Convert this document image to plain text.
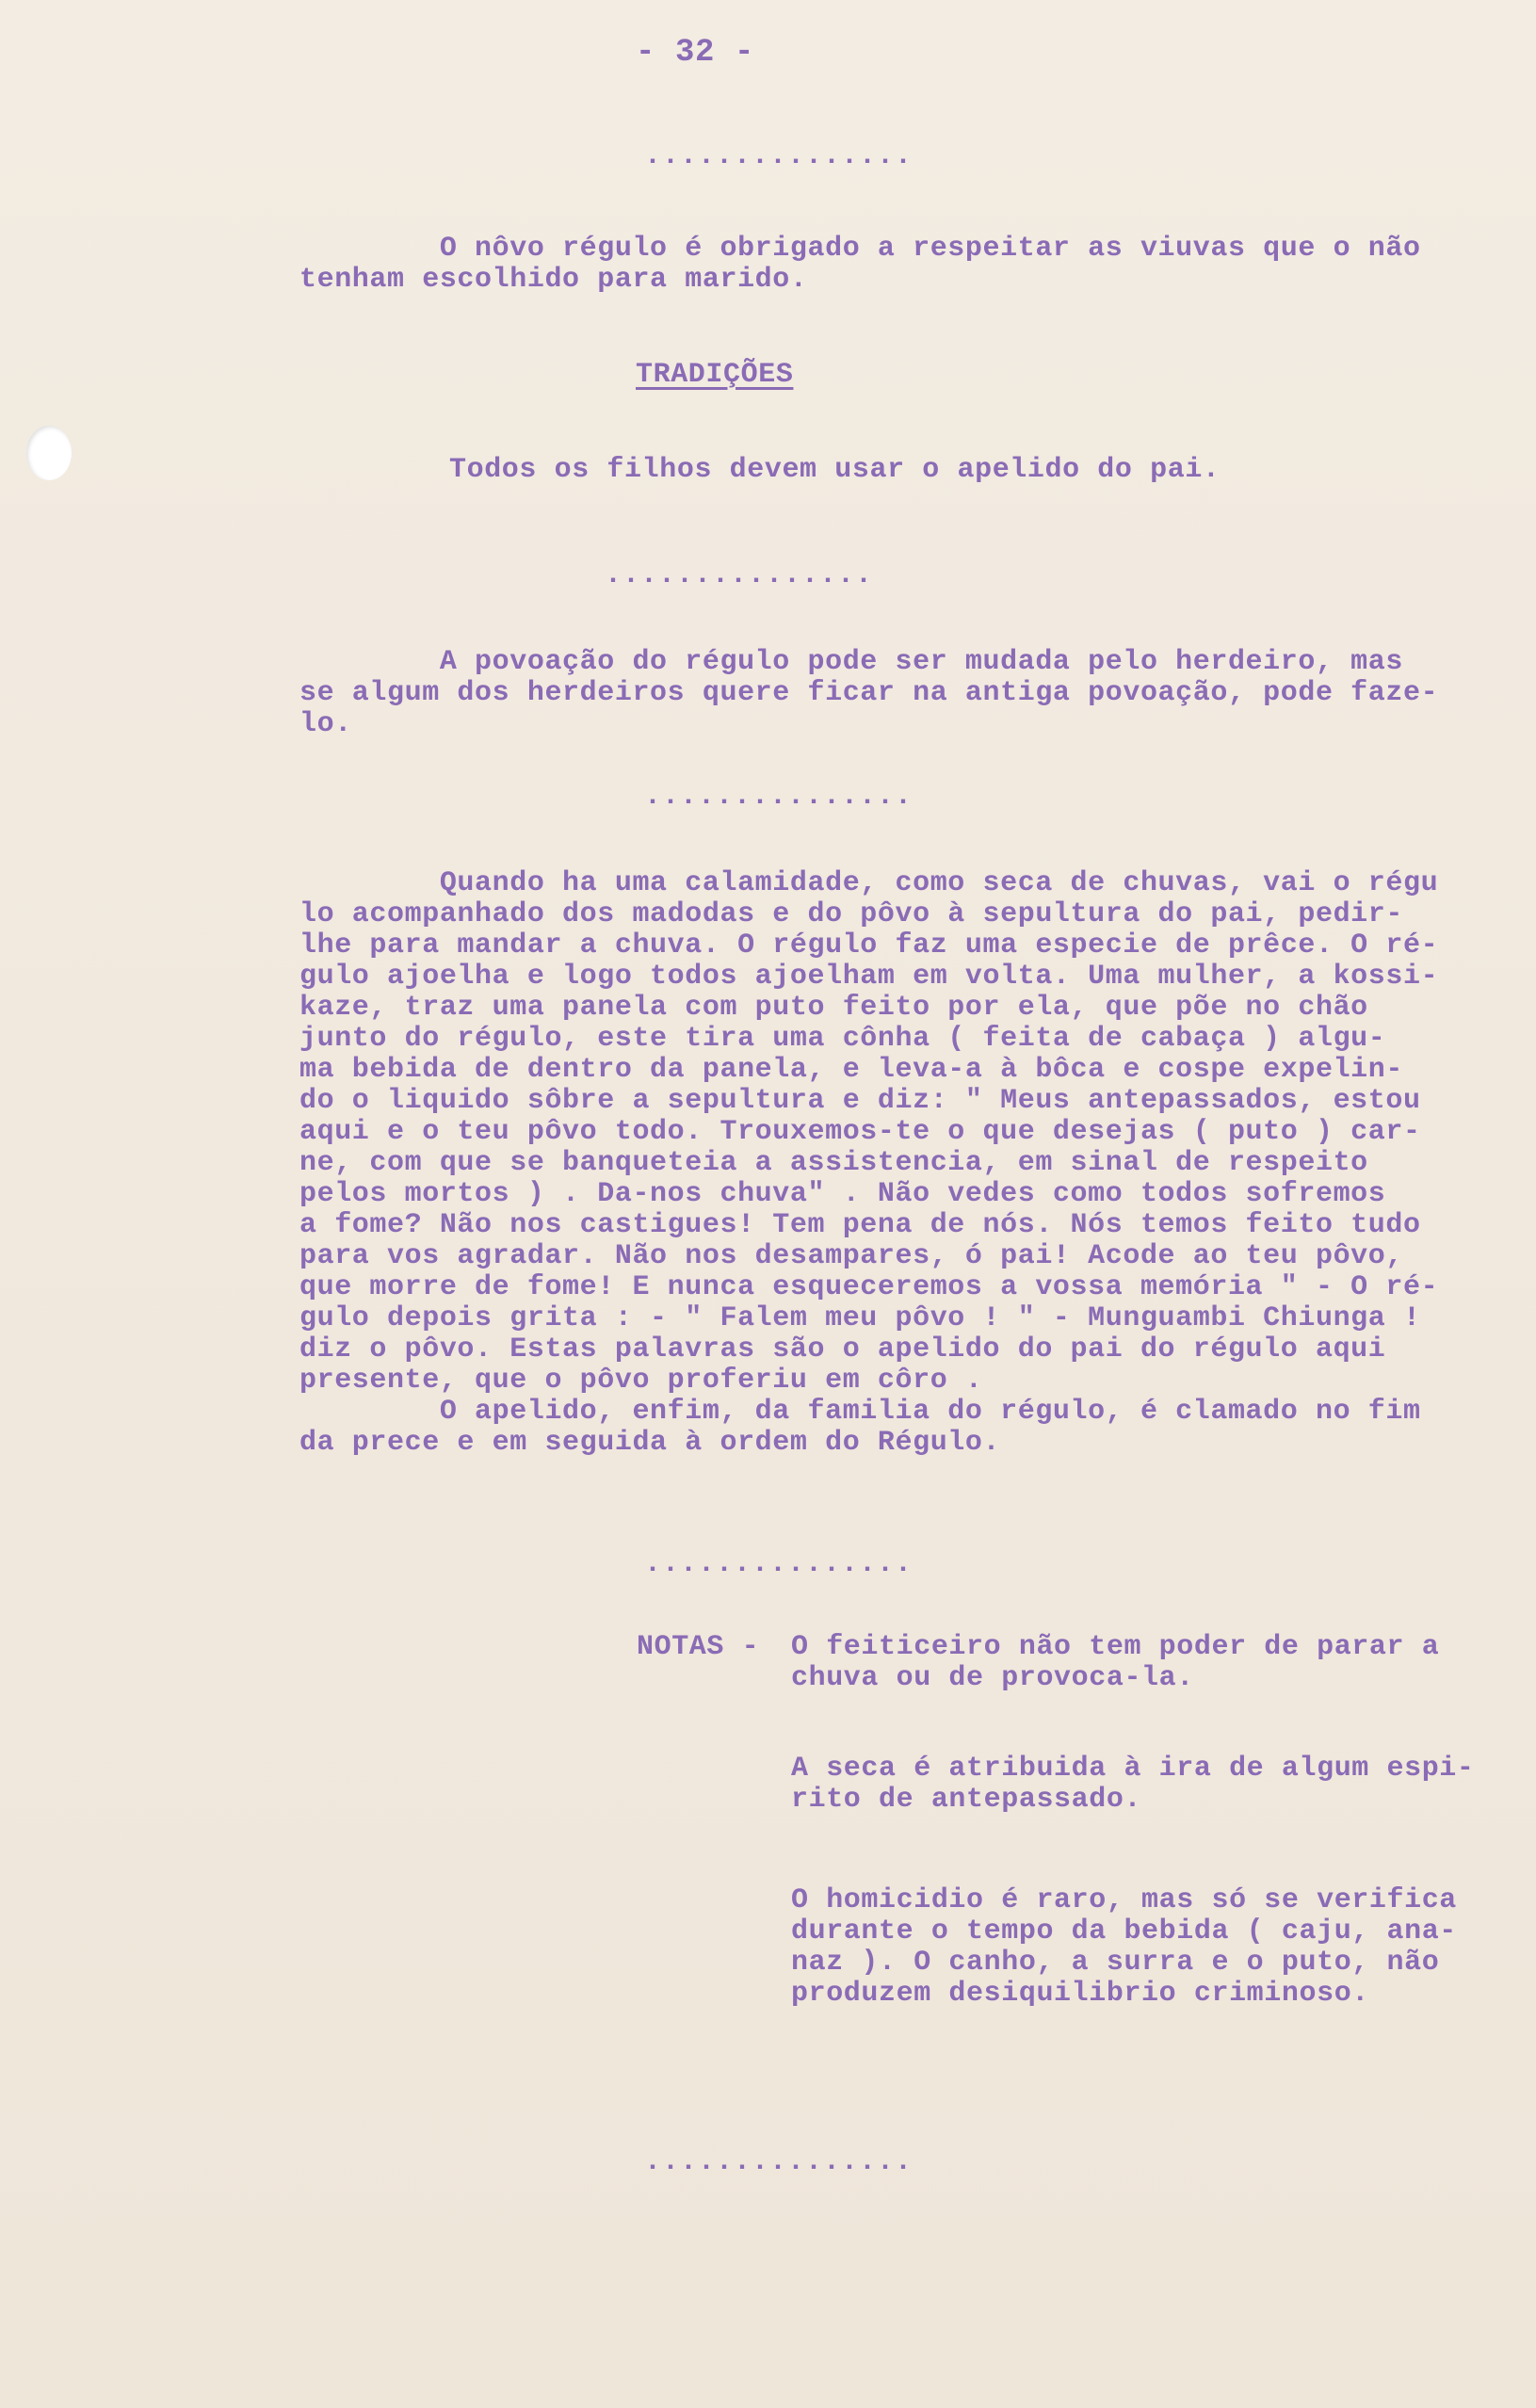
- 32 -
...............
O nôvo régulo é obrigado a respeitar as viuvas que o não
tenham escolhido para marido.
TRADIÇÕES
Todos os filhos devem usar o apelido do pai.
...............
A povoação do régulo pode ser mudada pelo herdeiro, mas
se algum dos herdeiros quere ficar na antiga povoação, pode faze-
lo.
...............
Quando ha uma calamidade, como seca de chuvas, vai o régu
lo acompanhado dos madodas e do pôvo à sepultura do pai, pedir-
lhe para mandar a chuva. O régulo faz uma especie de prêce. O ré-
gulo ajoelha e logo todos ajoelham em volta. Uma mulher, a kossi-
kaze, traz uma panela com puto feito por ela, que põe no chão
junto do régulo, este tira uma cônha ( feita de cabaça ) algu-
ma bebida de dentro da panela, e leva-a à bôca e cospe expelin-
do o liquido sôbre a sepultura e diz: " Meus antepassados, estou
aqui e o teu pôvo todo. Trouxemos-te o que desejas ( puto ) car-
ne, com que se banqueteia a assistencia, em sinal de respeito
pelos mortos ) . Da-nos chuva" . Não vedes como todos sofremos
a fome? Não nos castigues! Tem pena de nós. Nós temos feito tudo
para vos agradar. Não nos desampares, ó pai! Acode ao teu pôvo,
que morre de fome! E nunca esqueceremos a vossa memória " - O ré-
gulo depois grita : - " Falem meu pôvo ! " - Munguambi Chiunga !
diz o pôvo. Estas palavras são o apelido do pai do régulo aqui
presente, que o pôvo proferiu em côro .
O apelido, enfim, da familia do régulo, é clamado no fim
da prece e em seguida à ordem do Régulo.
...............
NOTAS - O feiticeiro não tem poder de parar a
chuva ou de provoca-la.
A seca é atribuida à ira de algum espi-
rito de antepassado.
O homicidio é raro, mas só se verifica
durante o tempo da bebida ( caju, ana-
naz ). O canho, a surra e o puto, não
produzem desiquilibrio criminoso.
...............
